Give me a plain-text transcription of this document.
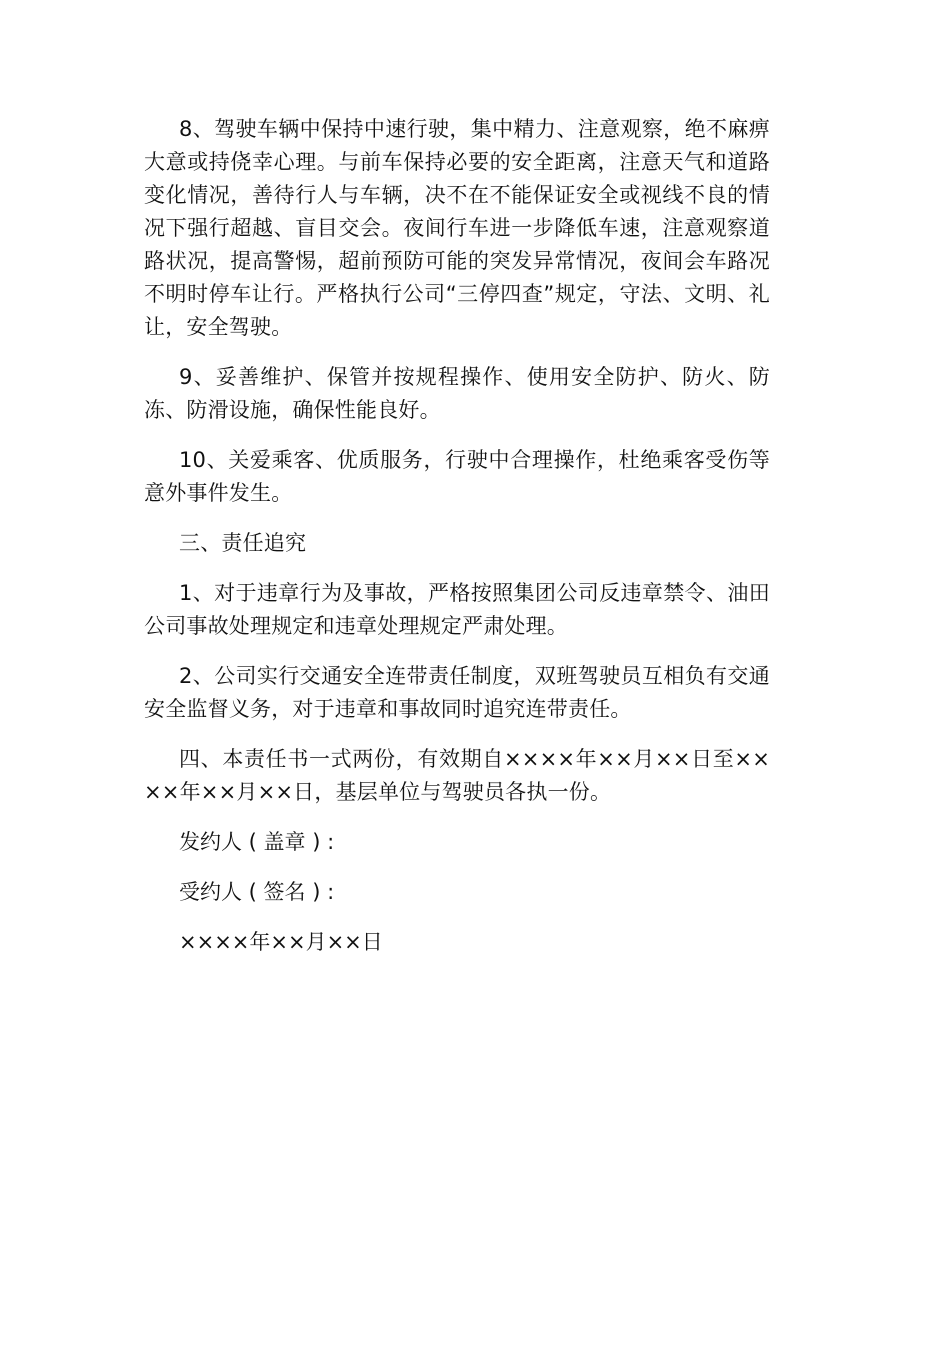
8、驾驶车辆中保持中速行驶，集中精力、注意观察，绝不麻痹大意或持侥幸心理。与前车保持必要的安全距离，注意天气和道路变化情况，善待行人与车辆，决不在不能保证安全或视线不良的情况下强行超越、盲目交会。夜间行车进一步降低车速，注意观察道路状况，提高警惕，超前预防可能的突发异常情况，夜间会车路况不明时停车让行。严格执行公司“三停四查”规定，守法、文明、礼让，安全驾驶。

9、妥善维护、保管并按规程操作、使用安全防护、防火、防冻、防滑设施，确保性能良好。

10、关爱乘客、优质服务，行驶中合理操作，杜绝乘客受伤等意外事件发生。

三、责任追究

1、对于违章行为及事故，严格按照集团公司反违章禁令、油田公司事故处理规定和违章处理规定严肃处理。

2、公司实行交通安全连带责任制度，双班驾驶员互相负有交通安全监督义务，对于违章和事故同时追究连带责任。

四、本责任书一式两份，有效期自××××年××月××日至××××年××月××日，基层单位与驾驶员各执一份。

发约人 ( 盖章 ) :

受约人 ( 签名 ) :

××××年××月××日
